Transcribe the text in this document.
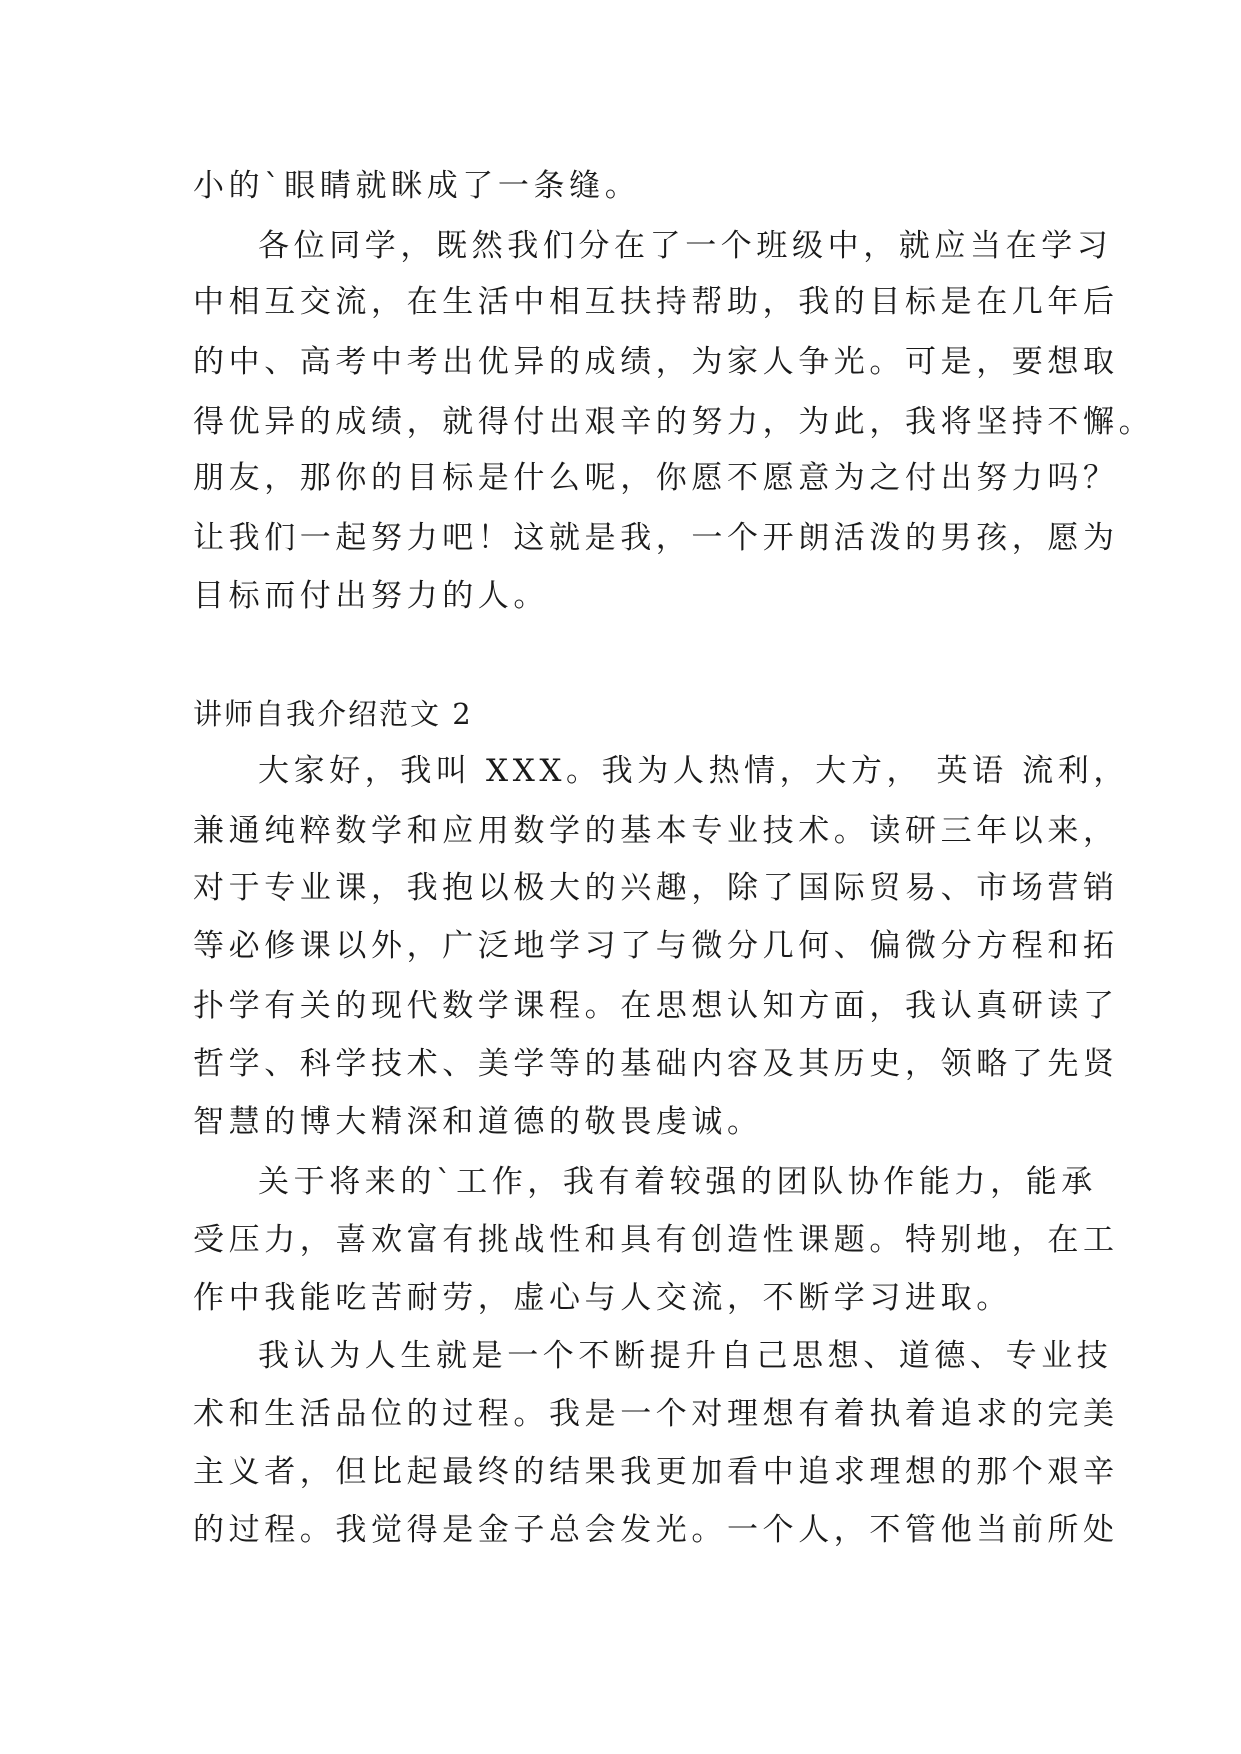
小的`眼睛就眯成了一条缝。
各位同学，既然我们分在了一个班级中，就应当在学习
中相互交流，在生活中相互扶持帮助，我的目标是在几年后
的中、高考中考出优异的成绩，为家人争光。可是，要想取
得优异的成绩，就得付出艰辛的努力，为此，我将坚持不懈。
朋友，那你的目标是什么呢，你愿不愿意为之付出努力吗？
让我们一起努力吧！这就是我，一个开朗活泼的男孩，愿为
目标而付出努力的人。
讲师自我介绍范文 2
大家好，我叫 XXX。我为人热情，大方， 英语 流利，
兼通纯粹数学和应用数学的基本专业技术。读研三年以来，
对于专业课，我抱以极大的兴趣，除了国际贸易、市场营销
等必修课以外，广泛地学习了与微分几何、偏微分方程和拓
扑学有关的现代数学课程。在思想认知方面，我认真研读了
哲学、科学技术、美学等的基础内容及其历史，领略了先贤
智慧的博大精深和道德的敬畏虔诚。
关于将来的`工作，我有着较强的团队协作能力，能承
受压力，喜欢富有挑战性和具有创造性课题。特别地，在工
作中我能吃苦耐劳，虚心与人交流，不断学习进取。
我认为人生就是一个不断提升自己思想、道德、专业技
术和生活品位的过程。我是一个对理想有着执着追求的完美
主义者，但比起最终的结果我更加看中追求理想的那个艰辛
的过程。我觉得是金子总会发光。一个人，不管他当前所处
